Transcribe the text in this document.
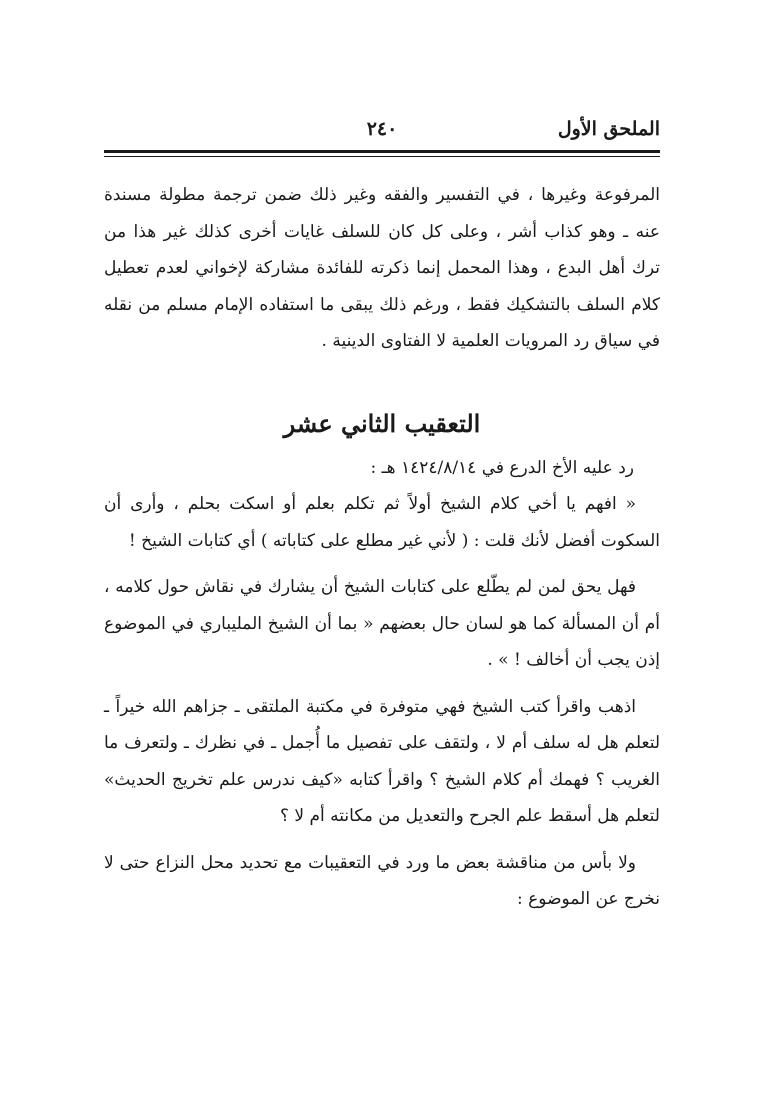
الملحق الأول
٢٤٠

المرفوعة وغيرها ، في التفسير والفقه وغير ذلك ضمن ترجمة مطولة مسندة عنه ـ وهو كذاب أشر ، وعلى كل كان للسلف غايات أخرى كذلك غير هذا من ترك أهل البدع ، وهذا المحمل إنما ذكرته للفائدة مشاركة لإخواني لعدم تعطيل كلام السلف بالتشكيك فقط ، ورغم ذلك يبقى ما استفاده الإمام مسلم من نقله في سياق رد المرويات العلمية لا الفتاوى الدينية .

التعقيب الثاني عشر

رد عليه الأخ الدرع في ١٤٢٤/٨/١٤ هـ :

« افهم يا أخي كلام الشيخ أولاً ثم تكلم بعلم أو اسكت بحلم ، وأرى أن السكوت أفضل لأنك قلت : ( لأني غير مطلع على كتاباته ) أي كتابات الشيخ !

فهل يحق لمن لم يطّلع على كتابات الشيخ أن يشارك في نقاش حول كلامه ، أم أن المسألة كما هو لسان حال بعضهم « بما أن الشيخ المليباري في الموضوع إذن يجب أن أخالف ! » .

اذهب واقرأ كتب الشيخ فهي متوفرة في مكتبة الملتقى ـ جزاهم الله خيراً ـ لتعلم هل له سلف أم لا ، ولتقف على تفصيل ما أُجمل ـ في نظرك ـ ولتعرف ما الغريب ؟ فهمك أم كلام الشيخ ؟ واقرأ كتابه «كيف ندرس علم تخريج الحديث» لتعلم هل أسقط علم الجرح والتعديل من مكانته أم لا ؟

ولا بأس من مناقشة بعض ما ورد في التعقيبات مع تحديد محل النزاع حتى لا نخرج عن الموضوع :
